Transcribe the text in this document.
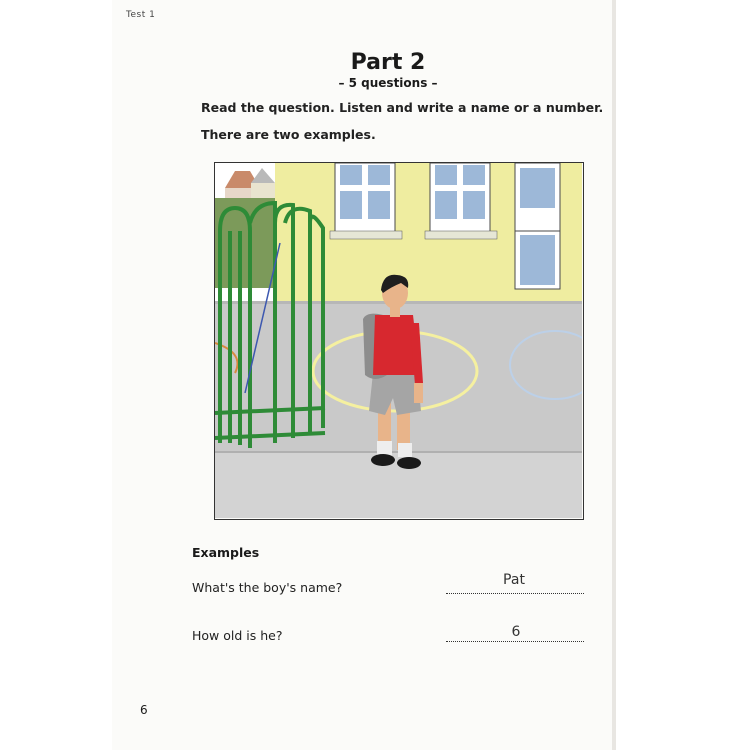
Test 1
Part 2
– 5 questions –
Read the question. Listen and write a name or a number.
There are two examples.
Examples
What's the boy's name?	Pat
How old is he?	6
6
